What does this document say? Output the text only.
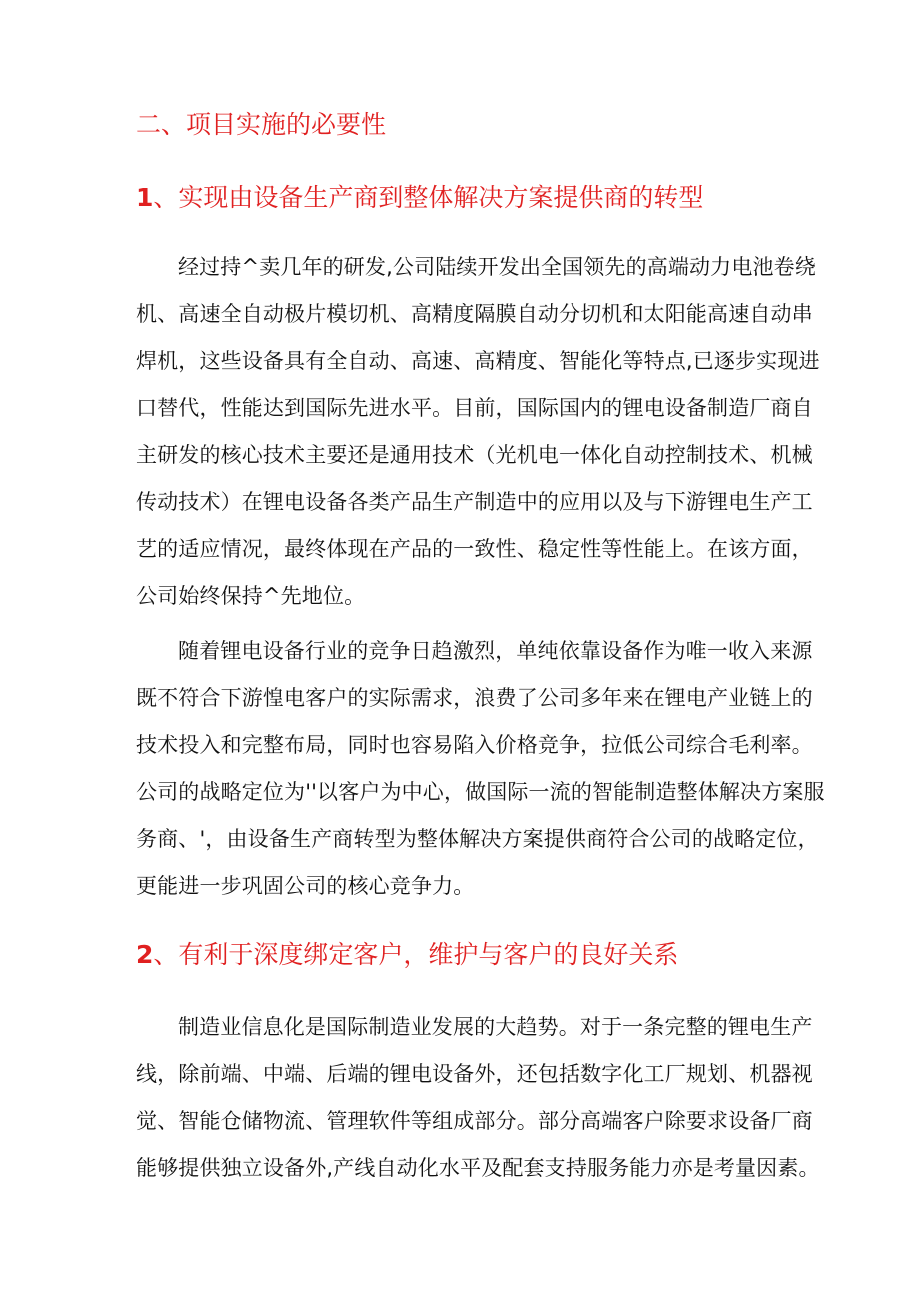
二、项目实施的必要性
1、实现由设备生产商到整体解决方案提供商的转型
经过持^卖几年的研发,公司陆续开发出全国领先的高端动力电池卷绕
机、高速全自动极片模切机、高精度隔膜自动分切机和太阳能高速自动串
焊机，这些设备具有全自动、高速、高精度、智能化等特点,已逐步实现进
口替代，性能达到国际先进水平。目前，国际国内的锂电设备制造厂商自
主研发的核心技术主要还是通用技术（光机电一体化自动控制技术、机械
传动技术）在锂电设备各类产品生产制造中的应用以及与下游锂电生产工
艺的适应情况，最终体现在产品的一致性、稳定性等性能上。在该方面，
公司始终保持^先地位。
随着锂电设备行业的竞争日趋激烈，单纯依靠设备作为唯一收入来源
既不符合下游惶电客户的实际需求，浪费了公司多年来在锂电产业链上的
技术投入和完整布局，同时也容易陷入价格竞争，拉低公司综合毛利率。
公司的战略定位为''以客户为中心，做国际一流的智能制造整体解决方案服
务商、'，由设备生产商转型为整体解决方案提供商符合公司的战略定位，
更能进一步巩固公司的核心竞争力。
2、有利于深度绑定客户，维护与客户的良好关系
制造业信息化是国际制造业发展的大趋势。对于一条完整的锂电生产
线，除前端、中端、后端的锂电设备外，还包括数字化工厂规划、机器视
觉、智能仓储物流、管理软件等组成部分。部分高端客户除要求设备厂商
能够提供独立设备外,产线自动化水平及配套支持服务能力亦是考量因素。
